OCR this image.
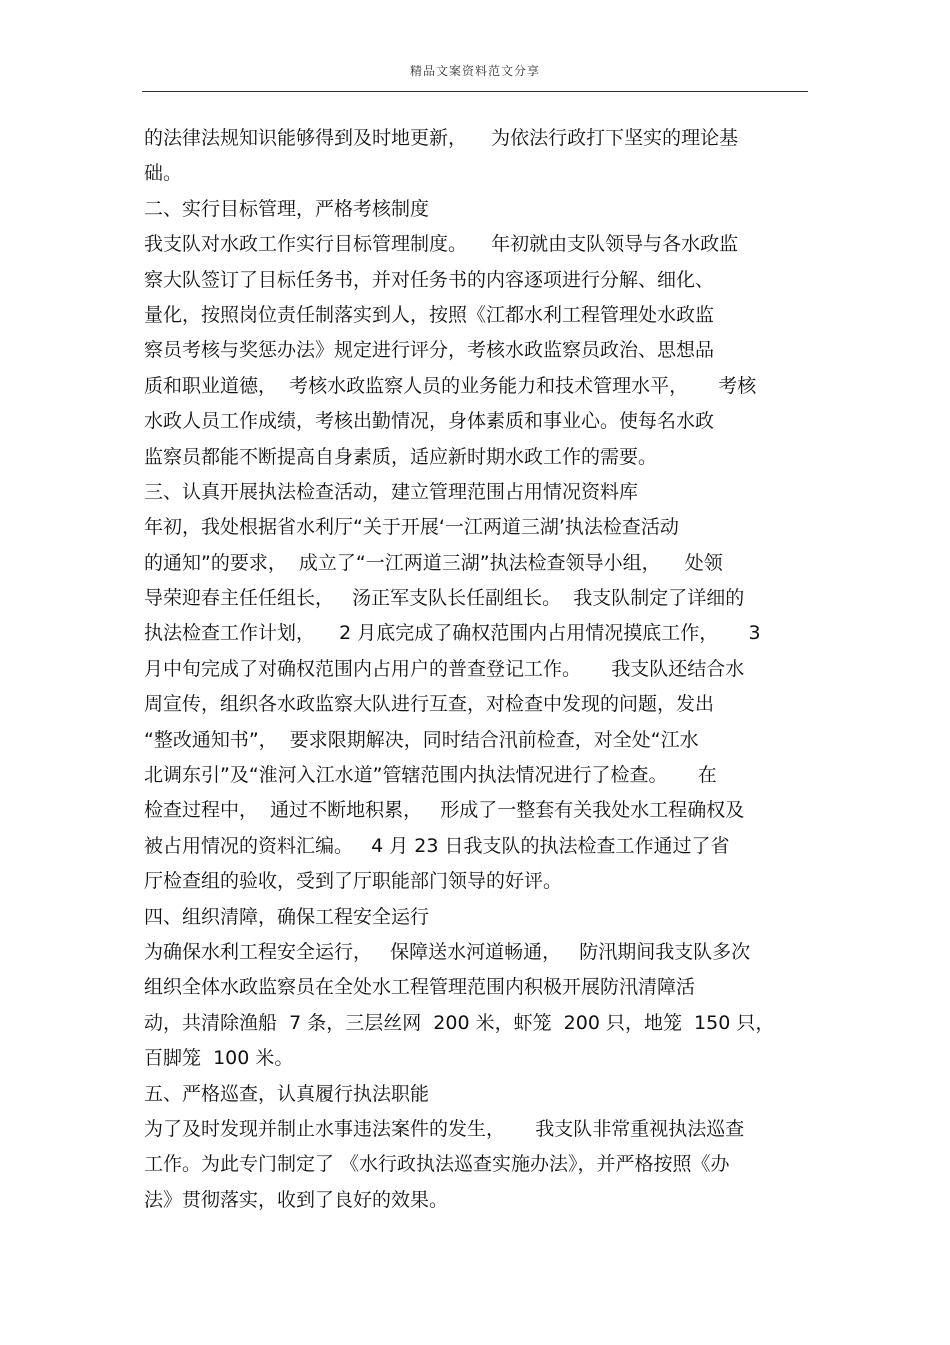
精品文案资料范文分享
的法律法规知识能够得到及时地更新，    为依法行政打下坚实的理论基
础。
二、实行目标管理，严格考核制度
我支队对水政工作实行目标管理制度。    年初就由支队领导与各水政监
察大队签订了目标任务书，并对任务书的内容逐项进行分解、细化、
量化，按照岗位责任制落实到人，按照《江都水利工程管理处水政监
察员考核与奖惩办法》规定进行评分，考核水政监察员政治、思想品
质和职业道德，  考核水政监察人员的业务能力和技术管理水平，     考核
水政人员工作成绩，考核出勤情况，身体素质和事业心。使每名水政
监察员都能不断提高自身素质，适应新时期水政工作的需要。
三、认真开展执法检查活动，建立管理范围占用情况资料库
年初，我处根据省水利厅“关于开展‘一江两道三湖’执法检查活动
的通知”的要求，  成立了“一江两道三湖”执法检查领导小组，    处领
导荣迎春主任任组长，   汤正军支队长任副组长。  我支队制定了详细的
执法检查工作计划，    2 月底完成了确权范围内占用情况摸底工作，     3
月中旬完成了对确权范围内占用户的普查登记工作。     我支队还结合水
周宣传，组织各水政监察大队进行互查，对检查中发现的问题，发出
“整改通知书”，  要求限期解决，同时结合汛前检查，对全处“江水
北调东引”及“淮河入江水道”管辖范围内执法情况进行了检查。     在
检查过程中，  通过不断地积累，   形成了一整套有关我处水工程确权及
被占用情况的资料汇编。   4 月 23 日我支队的执法检查工作通过了省
厅检查组的验收，受到了厅职能部门领导的好评。
四、组织清障，确保工程安全运行
为确保水利工程安全运行，   保障送水河道畅通，   防汛期间我支队多次
组织全体水政监察员在全处水工程管理范围内积极开展防汛清障活
动，共清除渔船  7 条，三层丝网  200 米，虾笼  200 只，地笼  150 只，
百脚笼  100 米。
五、严格巡查，认真履行执法职能
为了及时发现并制止水事违法案件的发生，     我支队非常重视执法巡查
工作。为此专门制定了 《水行政执法巡查实施办法》，并严格按照《办
法》贯彻落实，收到了良好的效果。
